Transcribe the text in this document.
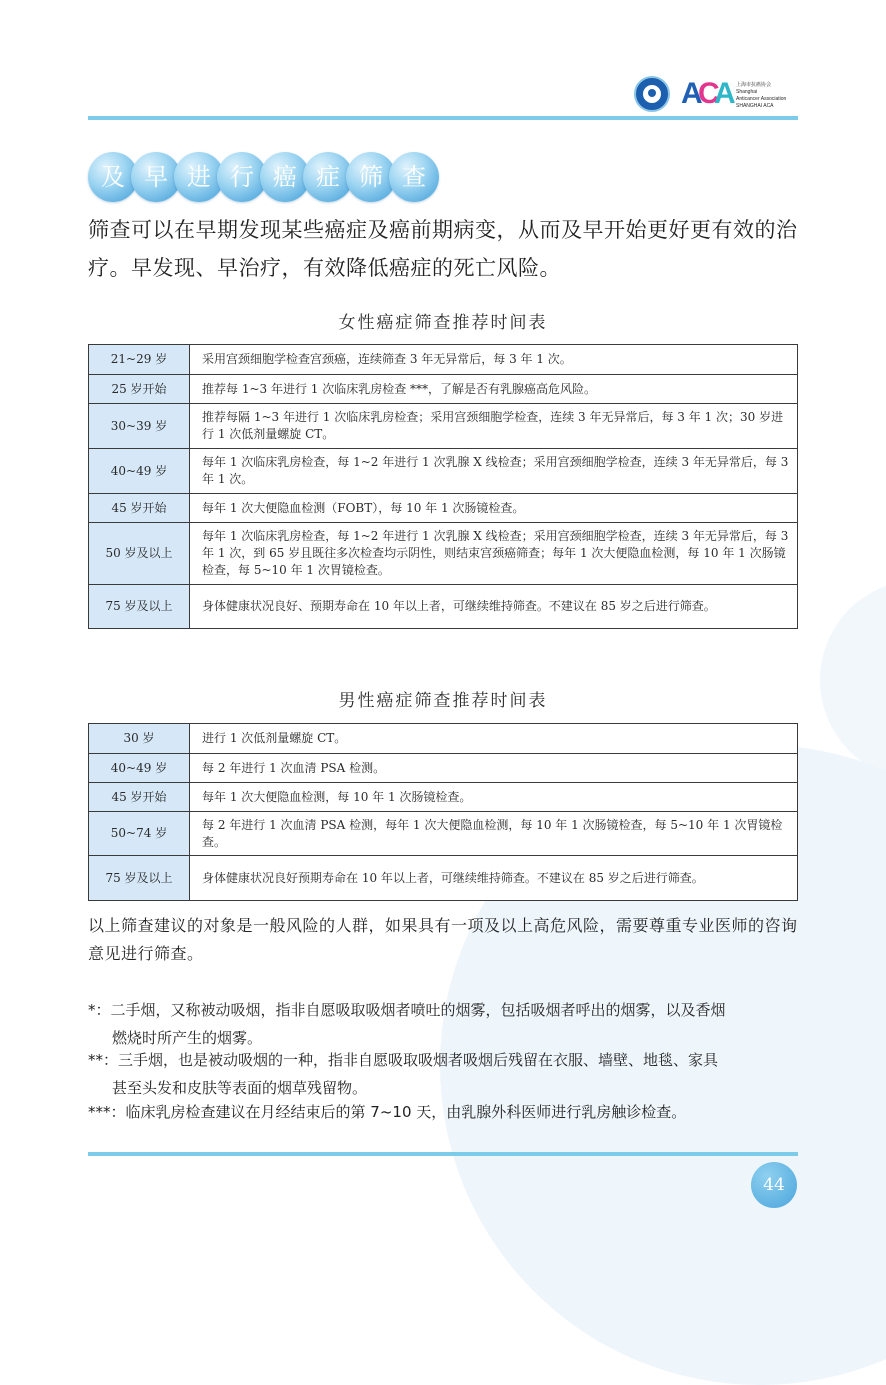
A
C
A 上海市抗癌协会
Shanghai
Anticancer Association
SHANGHAI ACA
及 早 进 行 癌 症 筛 查
筛查可以在早期发现某些癌症及癌前期病变，从而及早开始更好更有效的治疗。早发现、早治疗，有效降低癌症的死亡风险。
女性癌症筛查推荐时间表
21~29 岁	采用宫颈细胞学检查宫颈癌，连续筛查 3 年无异常后，每 3 年 1 次。
25 岁开始	推荐每 1~3 年进行 1 次临床乳房检查 ***，了解是否有乳腺癌高危风险。
30~39 岁	推荐每隔 1~3 年进行 1 次临床乳房检查；采用宫颈细胞学检查，连续 3 年无异常后，每 3 年 1 次；30 岁进行 1 次低剂量螺旋 CT。
40~49 岁	每年 1 次临床乳房检查，每 1~2 年进行 1 次乳腺 X 线检查；采用宫颈细胞学检查，连续 3 年无异常后，每 3 年 1 次。
45 岁开始	每年 1 次大便隐血检测（FOBT），每 10 年 1 次肠镜检查。
50 岁及以上	每年 1 次临床乳房检查，每 1~2 年进行 1 次乳腺 X 线检查；采用宫颈细胞学检查，连续 3 年无异常后，每 3 年 1 次，到 65 岁且既往多次检查均示阴性，则结束宫颈癌筛查；每年 1 次大便隐血检测，每 10 年 1 次肠镜检查，每 5~10 年 1 次胃镜检查。
75 岁及以上	身体健康状况良好、预期寿命在 10 年以上者，可继续维持筛查。不建议在 85 岁之后进行筛查。
男性癌症筛查推荐时间表
30 岁	进行 1 次低剂量螺旋 CT。
40~49 岁	每 2 年进行 1 次血清 PSA 检测。
45 岁开始	每年 1 次大便隐血检测，每 10 年 1 次肠镜检查。
50~74 岁	每 2 年进行 1 次血清 PSA 检测，每年 1 次大便隐血检测，每 10 年 1 次肠镜检查，每 5~10 年 1 次胃镜检查。
75 岁及以上	身体健康状况良好预期寿命在 10 年以上者，可继续维持筛查。不建议在 85 岁之后进行筛查。
以上筛查建议的对象是一般风险的人群，如果具有一项及以上高危风险，需要尊重专业医师的咨询意见进行筛查。
*：二手烟，又称被动吸烟，指非自愿吸取吸烟者喷吐的烟雾，包括吸烟者呼出的烟雾，以及香烟
燃烧时所产生的烟雾。
**：三手烟，也是被动吸烟的一种，指非自愿吸取吸烟者吸烟后残留在衣服、墙壁、地毯、家具
甚至头发和皮肤等表面的烟草残留物。
***：临床乳房检查建议在月经结束后的第 7~10 天，由乳腺外科医师进行乳房触诊检查。
44
